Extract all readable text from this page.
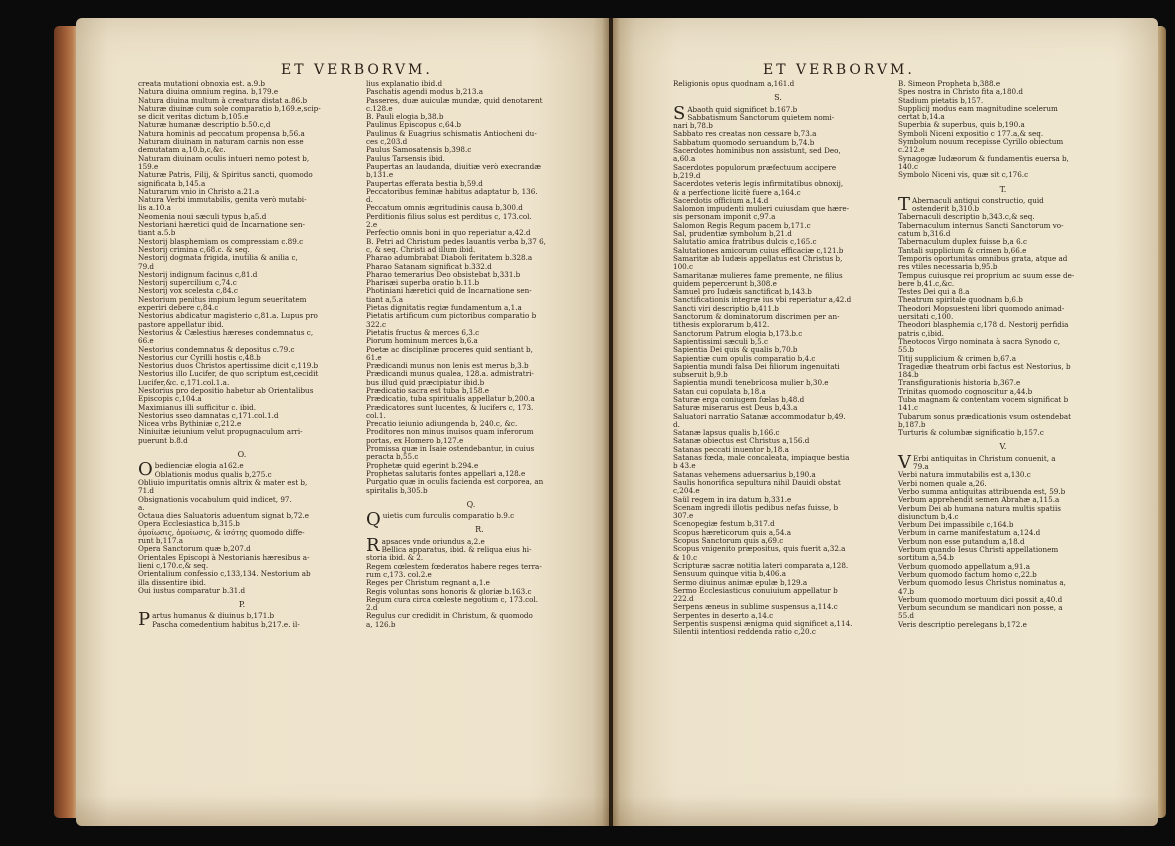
ET VERBORVM.
creata mutationi obnoxia est. a.9.b
Natura diuina omnium regina. b,179.e
Natura diuina multum à creatura distat a.86.b
Naturæ diuinæ cum sole comparatio b,169.e,scip-
se dicit veritas dictum b,105.e
Naturæ humanæ descriptio b.50.c,d
Natura hominis ad peccatum propensa b,56.a
Naturam diuinam in naturam carnis non esse
demutatam a,10.b,c,&c.
Naturam diuinam oculis intueri nemo potest b,
159.e
Naturæ Patris, Filij, & Spiritus sancti, quomodo
significata b,145.a
Naturarum vnio in Christo a.21.a
Natura Verbi immutabilis, genita verò mutabi-
lis a.10.a
Neomenia noui sæculi typus b,a5.d
Nestoriani hæretici quid de Incarnatione sen-
tiant a.5.b
Nestorij blasphemiam os compressiam c.89.c
Nestorij crimina c,68.c. & seq.
Nestorij dogmata frigida, inutilia & anilia c,
79.d
Nestorij indignum facinus c,81.d
Nestorij supercilium c,74.c
Nestorij vox scelesta c,84.c
Nestorium penitus impium legum seueritatem
experiri debere c,84.c
Nestorius abdicatur magisterio c,81.a. Lupus pro
pastore appellatur ibid.
Nestorius & Cælestius hæreses condemnatus c,
66.e
Nestorius condemnatus & depositus c.79.c
Nestorius cur Cyrilli hostis c,48.b
Nestorius duos Christos apertissime dicit c,119.b
Nestorius illo Lucifer, de quo scriptum est,cecidit
Lucifer,&c. c,171.col.1.a.
Nestorius pro depositio habetur ab Orientalibus
Episcopis c,104.a
Maximianus illi sufficitur c. ibid.
Nestorius sseo damnatas c,171.col.1.d
Nicea vrbs Bythiniæ c,212.e
Niniuitæ ieiunium velut propugnaculum arri-
puerunt b.8.d
O.
Obedienciæ elogia a162.e
Oblationis modus qualis b,275.c
Obliuio impuritatis omnis altrix & mater est b,
71.d
Obsignationis vocabulum quid indicet, 97.
a.
Octaua dies Saluatoris aduentum signat b,72.e
Opera Ecclesiastica b,315.b
ὁμοίωσις, ὁμοίωσις, & ἰσότης quomodo diffe-
runt b,117.a
Opera Sanctorum quæ b,207.d
Orientales Episcopi à Nestorianis hæresibus a-
lieni c,170.c,& seq.
Orientalium confessio c,133,134. Nestorium ab
illa dissentire ibid.
Oui iustus comparatur b.31.d
P.
Partus humanus & diuinus b,171.b
Pascha comedentium habitus b,217.e. il-
lius explanatio ibid.d
Paschatis agendi modus b,213.a
Passeres, duæ auiculæ mundæ, quid denotarent
c.128.e
B. Pauli elogia b,38.b
Paulinus Episcopus c,64.b
Paulinus & Euagrius schismatis Antiocheni du-
ces c,203.d
Paulus Samosatensis b,398.c
Paulus Tarsensis ibid.
Paupertas an laudanda, diuitiæ verò execrandæ
b,131.e
Paupertas efferata bestia b,59.d
Peccatoribus feminæ habitus adaptatur b, 136.
d.
Peccatum omnis ægritudinis causa b,300.d
Perditionis filius solus est perditus c, 173.col.
2.e
Perfectio omnis boni in quo reperiatur a,42.d
B. Petri ad Christum pedes lauantis verba b,37 6,
c, & seq. Christi ad illum ibid.
Pharao adumbrabat Diaboli feritatem b.328.a
Pharao Satanam significat b.332.d
Pharao temerarius Deo obsistebat b,331.b
Pharisæi superba oratio b.11.b
Photiniani hæretici quid de Incarnatione sen-
tiant a,5.a
Pietas dignitatis regiæ fundamentum a,1.a
Pietatis artificum cum pictoribus comparatio b
322.c
Pietatis fructus & merces 6,3.c
Piorum hominum merces b,6.a
Poetæ ac disciplinæ proceres quid sentiant b,
61.e
Prædicandi munus non lenis est merus b,3.b
Prædicandi munus qualea, 128.a. admistratri-
bus illud quid præcipiatur ibid.b
Prædicatio sacra est tuba b,158.e
Prædicatio, tuba spiritualis appellatur b,200.a
Prædicatores sunt lucentes, & lucifers c, 173.
col.1.
Precatio ieiunio adiungenda b, 240.c, &c.
Proditores non minus inuisos quam inferorum
portas, ex Homero b,127.e
Promissa quæ in Isaie ostendebantur, in cuius
peracta b,55.c
Prophetæ quid egerint b.294.e
Prophetas salutaris fontes appellari a,128.e
Purgatio quæ in oculis facienda est corporea, an
spiritalis b,305.b
Q.
Quietis cum furculis comparatio b.9.c
R.
Rapsaces vnde oriundus a,2.e
Bellica apparatus, ibid. & reliqua eius hi-
storia ibid. & 2.
Regem cœlestem fœderatos habere reges terra-
rum c,173. col.2.e
Reges per Christum regnant a,1.e
Regis voluntas sons honoris & gloriæ b.163.c
Regum cura circa cœleste negotium c, 173.col.
2.d
Regulus cur credidit in Christum, & quomodo
a, 126.b
ET VERBORVM.
Religionis opus quodnam a,161.d
S.
S Abaoth quid significet b.167.b
Sabbatismum Sanctorum quietem nomi-
nari b,78.b
Sabbato res creatas non cessare b,73.a
Sabbatum quomodo seruandum b,74.b
Sacerdotes hominibus non assistunt, sed Deo,
a,60.a
Sacerdotes populorum præfectuum accipere
b,219.d
Sacerdotes veteris legis infirmitatibus obnoxij,
& a perfectione licitè fuere a,164.c
Sacerdotis officium a,14.d
Salomon impudenti mulieri cuiusdam que hære-
sis personam imponit c,97.a
Salomon Regis Regum pacem b,171.c
Sal, prudentiæ symbolum b,21.d
Salutatio amica fratribus dulcis c,165.c
Salutationes amicorum cuius efficaciæ c,121.b
Samaritæ ab Iudæis appellatus est Christus b,
100.c
Samaritanæ mulieres fame premente, ne filius
quidem pepercerunt b,308.e
Samuel pro Iudæis sanctificat b,143.b
Sanctificationis integræ ius vbi reperiatur a,42.d
Sancti viri descriptio b,411.b
Sanctorum & dominatorum discrimen per an-
tithesis explorarum b,412.
Sanctorum Patrum elogia b,173.b.c
Sapientissimi sæculi b,5.c
Sapientia Dei quis & qualis b,70.b
Sapientiæ cum opulis comparatio b,4.c
Sapientia mundi falsa Dei filiorum ingenuitati
subseruit b,9.b
Sapientia mundi tenebricosa mulier b,30.e
Satan cui copulata b,18.a
Saturæ erga coniugem fœlas b,48.d
Saturæ miserarus est Deus b,43.a
Saluatori narratio Satanæ accommodatur b,49.
d.
Satanæ lapsus qualis b,166.c
Satanæ obiectus est Christus a,156.d
Satanas peccati inuentor b,18.a
Satanas fœda, male concaleata, impiaque bestia
b 43.e
Satanas vehemens aduersarius b,190.a
Saulis honorifica sepultura nihil Dauidi obstat
c,204.e
Saül regem in ira datum b,331.e
Scenam ingredi illotis pedibus nefas fuisse, b
307.e
Scenopegiæ festum b,317.d
Scopus hæreticorum quis a,54.a
Scopus Sanctorum quis a,69.c
Scopus vnigenito præpositus, quis fuerit a,32.a
& 10.c
Scripturæ sacræ notitia lateri comparata a,128.
Sensuum quinque vitia b,406.a
Sermo diuinus animæ epulæ b,129.a
Sermo Ecclesiasticus conuiuium appellatur b
222.d
Serpens æneus in sublime suspensus a,114.c
Serpentes in deserto a,14.c
Serpentis suspensi ænigma quid significet a,114.
Silentii intentiosi reddenda ratio c,20.c
B. Simeon Propheta b,388.e
Spes nostra in Christo fita a,180.d
Stadium pietatis b,157.
Supplicij modus eam magnitudine scelerum
certat b,14.a
Superbia & superbus, quis b,190.a
Symboli Niceni expositio c 177.a,& seq.
Symbolum nouum recepisse Cyrillo obiectum
c.212.e
Synagogæ Iudæorum & fundamentis euersa b,
140.c
Symbolo Niceni vis, quæ sit c,176.c
T.
T Abernaculi antiqui constructio, quid
ostenderit b,310.b
Tabernaculi descriptio b,343.c,& seq.
Tabernaculum internus Sancti Sanctorum vo-
catum b,316.d
Tabernaculum duplex fuisse b,a 6.c
Tantali supplicium & crimen b,66.e
Temporis oportunitas omnibus grata, atque ad
res vtiles necessaria b,95.b
Tempus cuiusque rei proprium ac suum esse de-
bere b,41.c,&c.
Testes Dei qui a 8.a
Theatrum spiritale quodnam b,6.b
Theodori Mopsuesteni libri quomodo animad-
uersitati c,100.
Theodori blasphemia c,178 d. Nestorij perfidia
patris c,ibid.
Theotocos Virgo nominata à sacra Synodo c,
55.b
Titij supplicium & crimen b,67.a
Tragediæ theatrum orbi factus est Nestorius, b
184.b
Transfigurationis historia b,367.e
Trinitas quomodo cognoscitur a,44.b
Tuba magnam & contentam vocem significat b
141.c
Tubarum sonus prædicationis vsum ostendebat
b,187.b
Turturis & columbæ significatio b,157.c
V.
V Erbi antiquitas in Christum conuenit, a
79.a
Verbi natura immutabilis est a,130.c
Verbi nomen quale a,26.
Verbo summa antiquitas attribuenda est, 59.b
Verbum apprehendit semen Abrahæ a,115.a
Verbum Dei ab humana natura multis spatiis
disiunctum b,4.c
Verbum Dei impassibile c,164.b
Verbum in carne manifestatum a,124.d
Verbum non esse putandum a,18.d
Verbum quando Iesus Christi appellationem
sortitum a,54.b
Verbum quomodo appellatum a,91.a
Verbum quomodo factum homo c,22.b
Verbum quomodo Iesus Christus nominatus a,
47.b
Verbum quomodo mortuum dici possit a,40.d
Verbum secundum se mandicari non posse, a
55.d
Veris descriptio perelegans b,172.e
